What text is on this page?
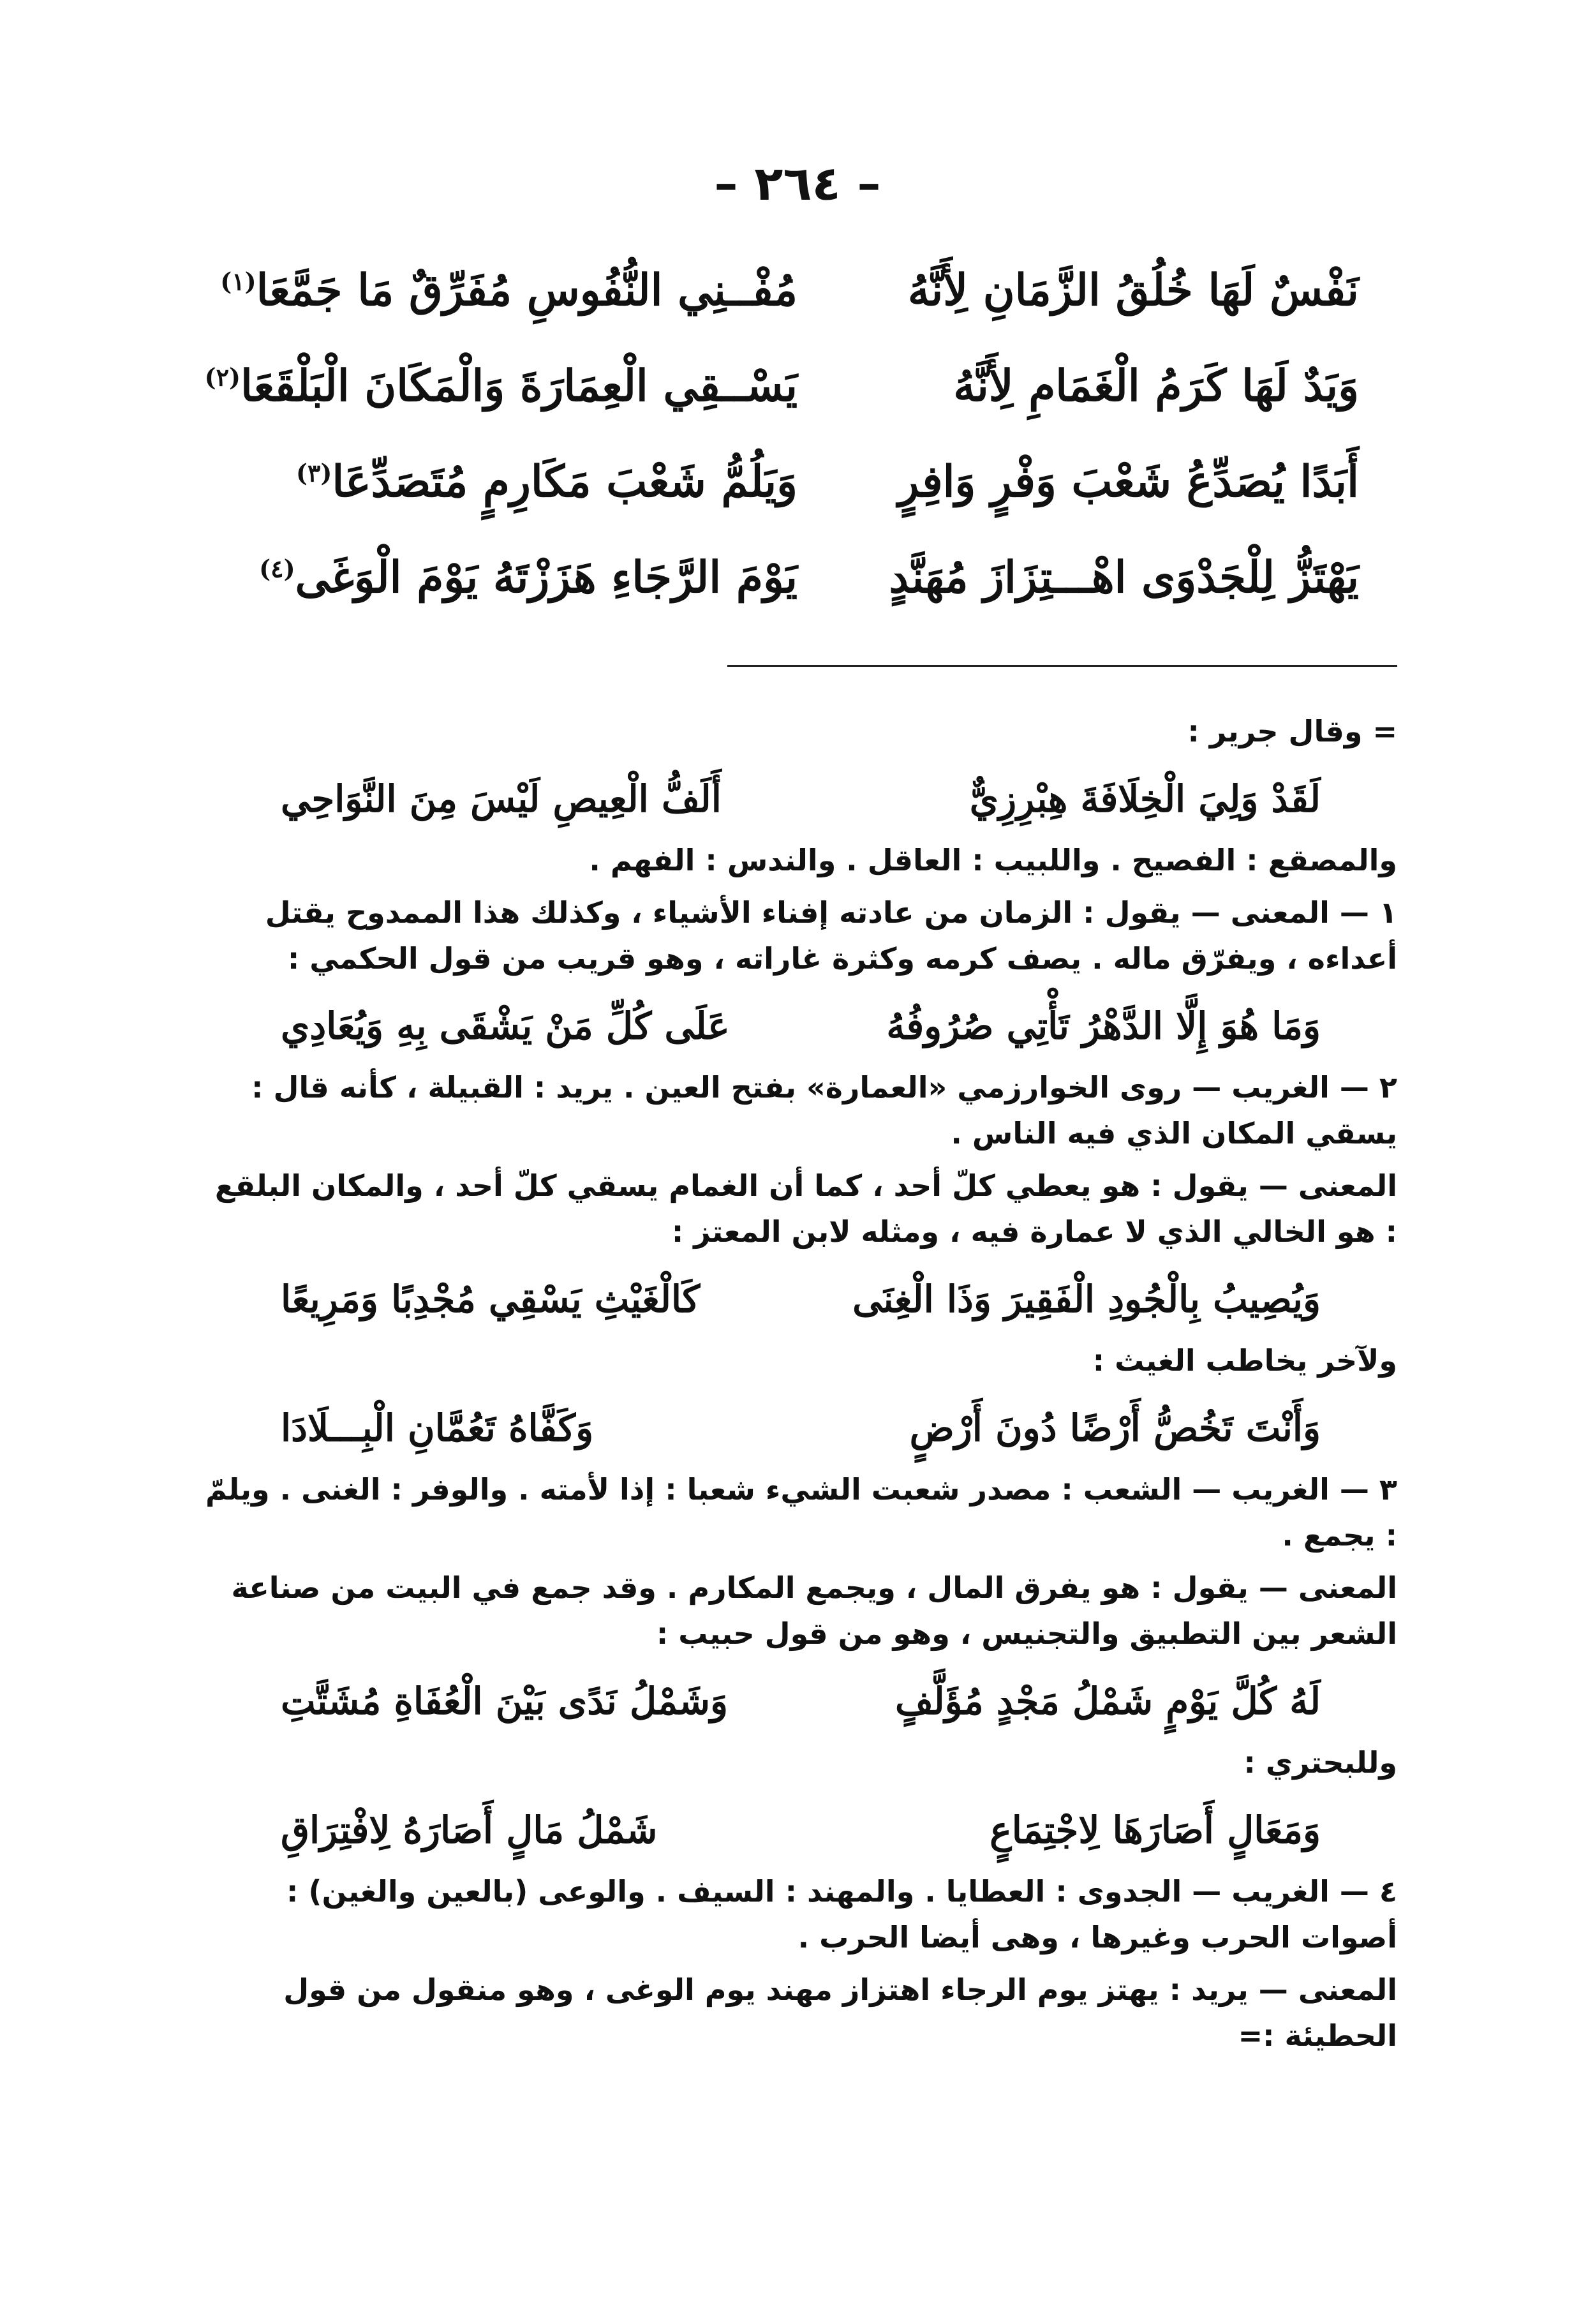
– ٢٦٤ –
نَفْسٌ لَهَا خُلُقُ الزَّمَانِ لِأَنَّهُ
مُفْــنِي النُّفُوسِ مُفَرِّقٌ مَا جَمَّعَا$^{(١)}$
وَيَدٌ لَهَا كَرَمُ الْغَمَامِ لِأَنَّهُ
يَسْــقِي الْعِمَارَةَ وَالْمَكَانَ الْبَلْقَعَا$^{(٢)}$
أَبَدًا يُصَدِّعُ شَعْبَ وَفْرٍ وَافِرٍ
وَيَلُمُّ شَعْبَ مَكَارِمٍ مُتَصَدِّعَا$^{(٣)}$
يَهْتَزُّ لِلْجَدْوَى اهْـــتِزَازَ مُهَنَّدٍ
يَوْمَ الرَّجَاءِ هَزَزْتَهُ يَوْمَ الْوَغَى$^{(٤)}$
= وقال جرير :
لَقَدْ وَلِيَ الْخِلَافَةَ هِبْرِزِيٌّ
أَلَفُّ الْعِيصِ لَيْسَ مِنَ النَّوَاحِي

والمصقع : الفصيح . واللبيب : العاقل . والندس : الفهم .

١ — المعنى — يقول : الزمان من عادته إفناء الأشياء ، وكذلك هذا الممدوح يقتل أعداءه ، ويفرّق ماله . يصف كرمه وكثرة غاراته ، وهو قريب من قول الحكمي :

وَمَا هُوَ إِلَّا الدَّهْرُ تَأْتِي صُرُوفُهُ
عَلَى كُلِّ مَنْ يَشْقَى بِهِ وَيُعَادِي

٢ — الغريب — روى الخوارزمي «العمارة» بفتح العين . يريد : القبيلة ، كأنه قال : يسقي المكان الذي فيه الناس .

المعنى — يقول : هو يعطي كلّ أحد ، كما أن الغمام يسقي كلّ أحد ، والمكان البلقع : هو الخالي الذي لا عمارة فيه ، ومثله لابن المعتز :

وَيُصِيبُ بِالْجُودِ الْفَقِيرَ وَذَا الْغِنَى
كَالْغَيْثِ يَسْقِي مُجْدِبًا وَمَرِيعًا
ولآخر يخاطب الغيث :
وَأَنْتَ تَخُصُّ أَرْضًا دُونَ أَرْضٍ
وَكَفَّاهُ تَعُمَّانِ الْبِـــلَادَا

٣ — الغريب — الشعب : مصدر شعبت الشيء شعبا : إذا لأمته . والوفر : الغنى . ويلمّ : يجمع .

المعنى — يقول : هو يفرق المال ، ويجمع المكارم . وقد جمع في البيت من صناعة الشعر بين التطبيق والتجنيس ، وهو من قول حبيب :

لَهُ كُلَّ يَوْمٍ شَمْلُ مَجْدٍ مُؤَلَّفٍ
وَشَمْلُ نَدًى بَيْنَ الْعُفَاةِ مُشَتَّتِ
وللبحتري :
وَمَعَالٍ أَصَارَهَا لِاجْتِمَاعٍ
شَمْلُ مَالٍ أَصَارَهُ لِافْتِرَاقِ

٤ — الغريب — الجدوى : العطايا . والمهند : السيف . والوعى (بالعين والغين) : أصوات الحرب وغيرها ، وهى أيضا الحرب .

المعنى — يريد : يهتز يوم الرجاء اهتزاز مهند يوم الوغى ، وهو منقول من قول الحطيئة :=
